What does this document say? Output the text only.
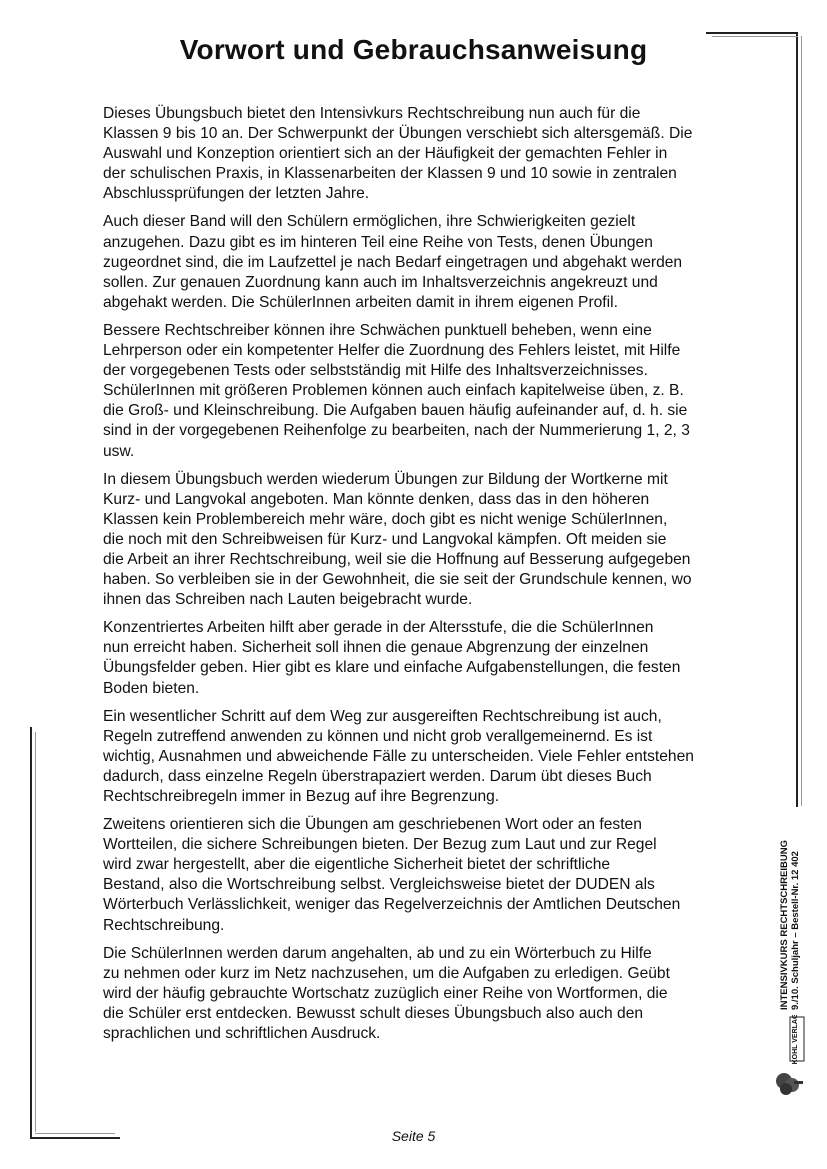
Vorwort und Gebrauchsanweisung

Dieses Übungsbuch bietet den Intensivkurs Rechtschreibung nun auch für die
Klassen 9 bis 10 an. Der Schwerpunkt der Übungen verschiebt sich altersgemäß. Die
Auswahl und Konzeption orientiert sich an der Häufigkeit der gemachten Fehler in
der schulischen Praxis, in Klassenarbeiten der Klassen 9 und 10 sowie in zentralen
Abschlussprüfungen der letzten Jahre.

Auch dieser Band will den Schülern ermöglichen, ihre Schwierigkeiten gezielt
anzugehen. Dazu gibt es im hinteren Teil eine Reihe von Tests, denen Übungen
zugeordnet sind, die im Laufzettel je nach Bedarf eingetragen und abgehakt werden
sollen. Zur genauen Zuordnung kann auch im Inhaltsverzeichnis angekreuzt und
abgehakt werden. Die SchülerInnen arbeiten damit in ihrem eigenen Profil.

Bessere Rechtschreiber können ihre Schwächen punktuell beheben, wenn eine
Lehrperson oder ein kompetenter Helfer die Zuordnung des Fehlers leistet, mit Hilfe
der vorgegebenen Tests oder selbstständig mit Hilfe des Inhaltsverzeichnisses.
SchülerInnen mit größeren Problemen können auch einfach kapitelweise üben, z. B.
die Groß- und Kleinschreibung. Die Aufgaben bauen häufig aufeinander auf, d. h. sie
sind in der vorgegebenen Reihenfolge zu bearbeiten, nach der Nummerierung 1, 2, 3
usw.

In diesem Übungsbuch werden wiederum Übungen zur Bildung der Wortkerne mit
Kurz- und Langvokal angeboten. Man könnte denken, dass das in den höheren
Klassen kein Problembereich mehr wäre, doch gibt es nicht wenige SchülerInnen,
die noch mit den Schreibweisen für Kurz- und Langvokal kämpfen. Oft meiden sie
die Arbeit an ihrer Rechtschreibung, weil sie die Hoffnung auf Besserung aufgegeben
haben. So verbleiben sie in der Gewohnheit, die sie seit der Grundschule kennen, wo
ihnen das Schreiben nach Lauten beigebracht wurde.

Konzentriertes Arbeiten hilft aber gerade in der Altersstufe, die die SchülerInnen
nun erreicht haben. Sicherheit soll ihnen die genaue Abgrenzung der einzelnen
Übungsfelder geben. Hier gibt es klare und einfache Aufgabenstellungen, die festen
Boden bieten.

Ein wesentlicher Schritt auf dem Weg zur ausgereiften Rechtschreibung ist auch,
Regeln zutreffend anwenden zu können und nicht grob verallgemeinernd. Es ist
wichtig, Ausnahmen und abweichende Fälle zu unterscheiden. Viele Fehler entstehen
dadurch, dass einzelne Regeln überstrapaziert werden. Darum übt dieses Buch
Rechtschreibregeln immer in Bezug auf ihre Begrenzung.

Zweitens orientieren sich die Übungen am geschriebenen Wort oder an festen
Wortteilen, die sichere Schreibungen bieten. Der Bezug zum Laut und zur Regel
wird zwar hergestellt, aber die eigentliche Sicherheit bietet der schriftliche
Bestand, also die Wortschreibung selbst. Vergleichsweise bietet der DUDEN als
Wörterbuch Verlässlichkeit, weniger das Regelverzeichnis der Amtlichen Deutschen
Rechtschreibung.

Die SchülerInnen werden darum angehalten, ab und zu ein Wörterbuch zu Hilfe
zu nehmen oder kurz im Netz nachzusehen, um die Aufgaben zu erledigen. Geübt
wird der häufig gebrauchte Wortschatz zuzüglich einer Reihe von Wortformen, die
die Schüler erst entdecken. Bewusst schult dieses Übungsbuch also auch den
sprachlichen und schriftlichen Ausdruck.

INTENSIVKURS RECHTSCHREIBUNG 9./10. Schuljahr – Bestell-Nr. 12 402
KOHL VERLAG
Seite 5
